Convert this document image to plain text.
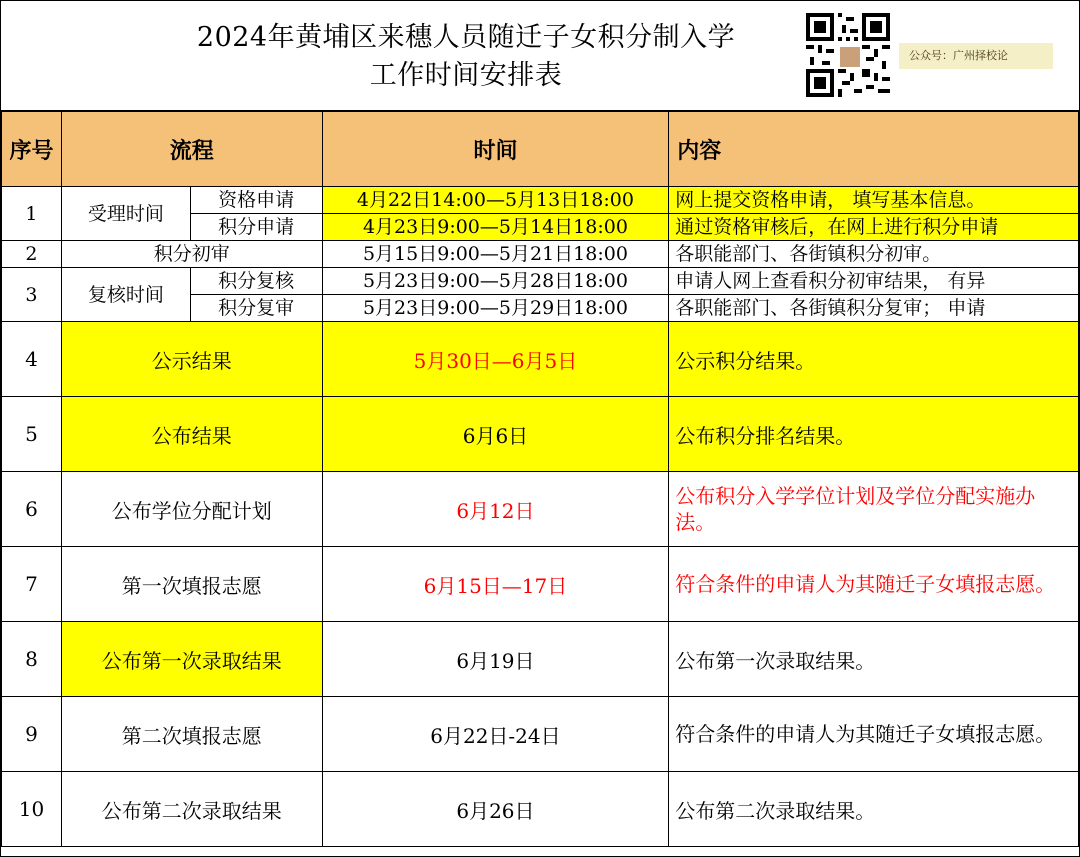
2024年黄埔区来穗人员随迁子女积分制入学
工作时间安排表
公众号：广州择校论
序号	流程		时间	内容
1	受理时间	资格申请	4月22日14:00—5月13日18:00	网上提交资格申请， 填写基本信息。
		积分申请	4月23日9:00—5月14日18:00	通过资格审核后，在网上进行积分申请
2	积分初审		5月15日9:00—5月21日18:00	各职能部门、各街镇积分初审。
3	复核时间	积分复核	5月23日9:00—5月28日18:00	申请人网上查看积分初审结果， 有异
		积分复审	5月23日9:00—5月29日18:00	各职能部门、各街镇积分复审； 申请
4	公示结果		5月30日—6月5日	公示积分结果。
5	公布结果		6月6日	公布积分排名结果。
6	公布学位分配计划		6月12日	公布积分入学学位计划及学位分配实施办法。
7	第一次填报志愿		6月15日—17日	符合条件的申请人为其随迁子女填报志愿。
8	公布第一次录取结果		6月19日	公布第一次录取结果。
9	第二次填报志愿		6月22日-24日	符合条件的申请人为其随迁子女填报志愿。
10	公布第二次录取结果		6月26日	公布第二次录取结果。
